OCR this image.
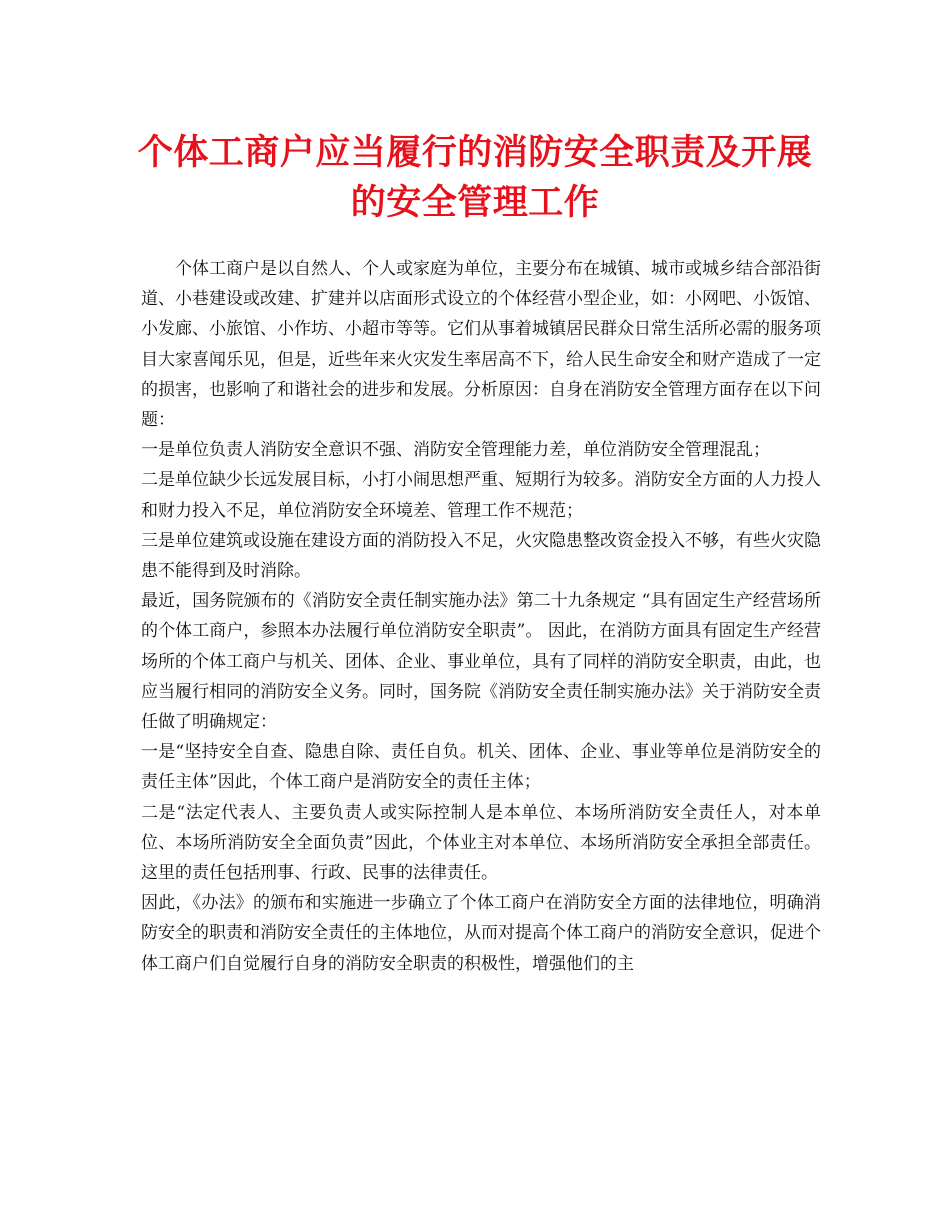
个体工商户应当履行的消防安全职责及开展
的安全管理工作

个体工商户是以自然人、个人或家庭为单位，主要分布在城镇、城市或城乡结合部沿街道、小巷建设或改建、扩建并以店面形式设立的个体经营小型企业，如：小网吧、小饭馆、小发廊、小旅馆、小作坊、小超市等等。它们从事着城镇居民群众日常生活所必需的服务项目大家喜闻乐见，但是，近些年来火灾发生率居高不下，给人民生命安全和财产造成了一定的损害，也影响了和谐社会的进步和发展。分析原因：自身在消防安全管理方面存在以下问题：

一是单位负责人消防安全意识不强、消防安全管理能力差，单位消防安全管理混乱；

二是单位缺少长远发展目标，小打小闹思想严重、短期行为较多。消防安全方面的人力投人和财力投入不足，单位消防安全环境差、管理工作不规范；

三是单位建筑或设施在建设方面的消防投入不足，火灾隐患整改资金投入不够，有些火灾隐患不能得到及时消除。

最近，国务院颁布的《消防安全责任制实施办法》第二十九条规定 “具有固定生产经营场所的个体工商户，参照本办法履行单位消防安全职责”。 因此，在消防方面具有固定生产经营场所的个体工商户与机关、团体、企业、事业单位，具有了同样的消防安全职责，由此，也应当履行相同的消防安全义务。同时，国务院《消防安全责任制实施办法》关于消防安全责任做了明确规定：

一是“坚持安全自查、隐患自除、责任自负。机关、团体、企业、事业等单位是消防安全的责任主体”因此，个体工商户是消防安全的责任主体；

二是“法定代表人、主要负责人或实际控制人是本单位、本场所消防安全责任人，对本单位、本场所消防安全全面负责”因此，个体业主对本单位、本场所消防安全承担全部责任。这里的责任包括刑事、行政、民事的法律责任。

因此，《办法》的颁布和实施进一步确立了个体工商户在消防安全方面的法律地位，明确消防安全的职责和消防安全责任的主体地位，从而对提高个体工商户的消防安全意识，促进个体工商户们自觉履行自身的消防安全职责的积极性，增强他们的主
